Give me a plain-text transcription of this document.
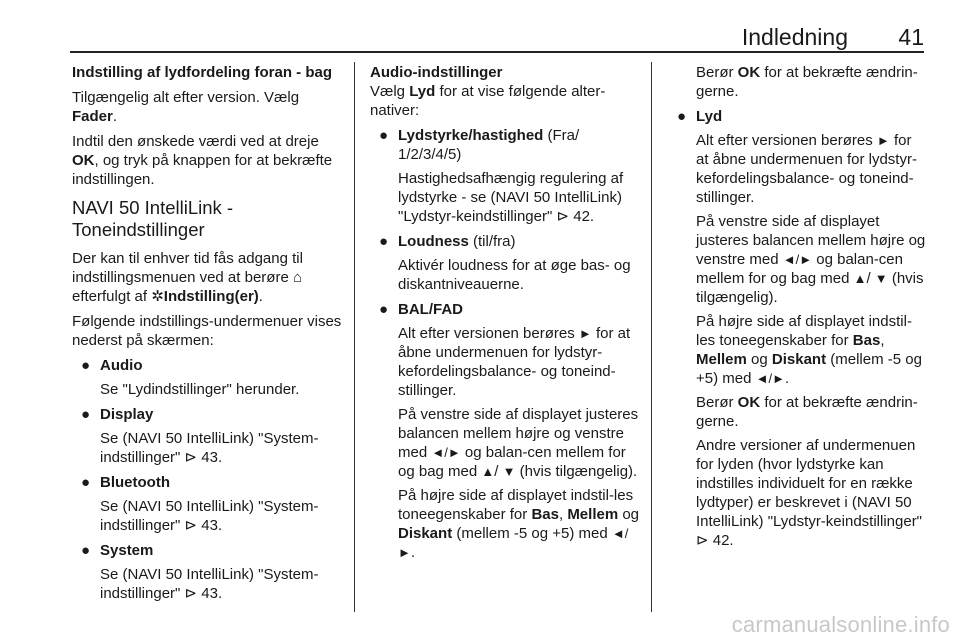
Indledning 41

Indstilling af lydfordeling foran - bag

Tilgængelig alt efter version. Vælg Fader.

Indtil den ønskede værdi ved at dreje OK, og tryk på knappen for at bekræfte indstillingen.

NAVI 50 IntelliLink - Toneindstillinger

Der kan til enhver tid fås adgang til indstillingsmenuen ved at berøre ⌂ efterfulgt af ✲Indstilling(er).

Følgende indstillings-undermenuer vises nederst på skærmen:

● Audio

Se "Lydindstillinger" herunder.

● Display

Se (NAVI 50 IntelliLink) "System-indstillinger" ⊳ 43.

● Bluetooth

Se (NAVI 50 IntelliLink) "System-indstillinger" ⊳ 43.

● System

Se (NAVI 50 IntelliLink) "System-indstillinger" ⊳ 43.

Audio-indstillinger

Vælg Lyd for at vise følgende alter-nativer:

● Lydstyrke/hastighed (Fra/ 1/2/3/4/5)

Hastighedsafhængig regulering af lydstyrke - se (NAVI 50 IntelliLink) "Lydstyr-keindstillinger" ⊳ 42.

● Loudness (til/fra)

Aktivér loudness for at øge bas- og diskantniveauerne.

● BAL/FAD

Alt efter versionen berøres ► for at åbne undermenuen for lydstyr-kefordelingsbalance- og toneind-stillinger.

På venstre side af displayet justeres balancen mellem højre og venstre med ◄/► og balan-cen mellem for og bag med ▲/ ▼ (hvis tilgængelig).

På højre side af displayet indstil-les toneegenskaber for Bas, Mellem og Diskant (mellem -5 og +5) med ◄/►.

Berør OK for at bekræfte ændrin-gerne.

● Lyd

Alt efter versionen berøres ► for at åbne undermenuen for lydstyr-kefordelingsbalance- og toneind-stillinger.

På venstre side af displayet justeres balancen mellem højre og venstre med ◄/► og balan-cen mellem for og bag med ▲/ ▼ (hvis tilgængelig).

På højre side af displayet indstil-les toneegenskaber for Bas, Mellem og Diskant (mellem -5 og +5) med ◄/►.

Berør OK for at bekræfte ændrin-gerne.

Andre versioner af undermenuen for lyden (hvor lydstyrke kan indstilles individuelt for en række lydtyper) er beskrevet i (NAVI 50 IntelliLink) "Lydstyr-keindstillinger" ⊳ 42.

carmanualsonline.info
